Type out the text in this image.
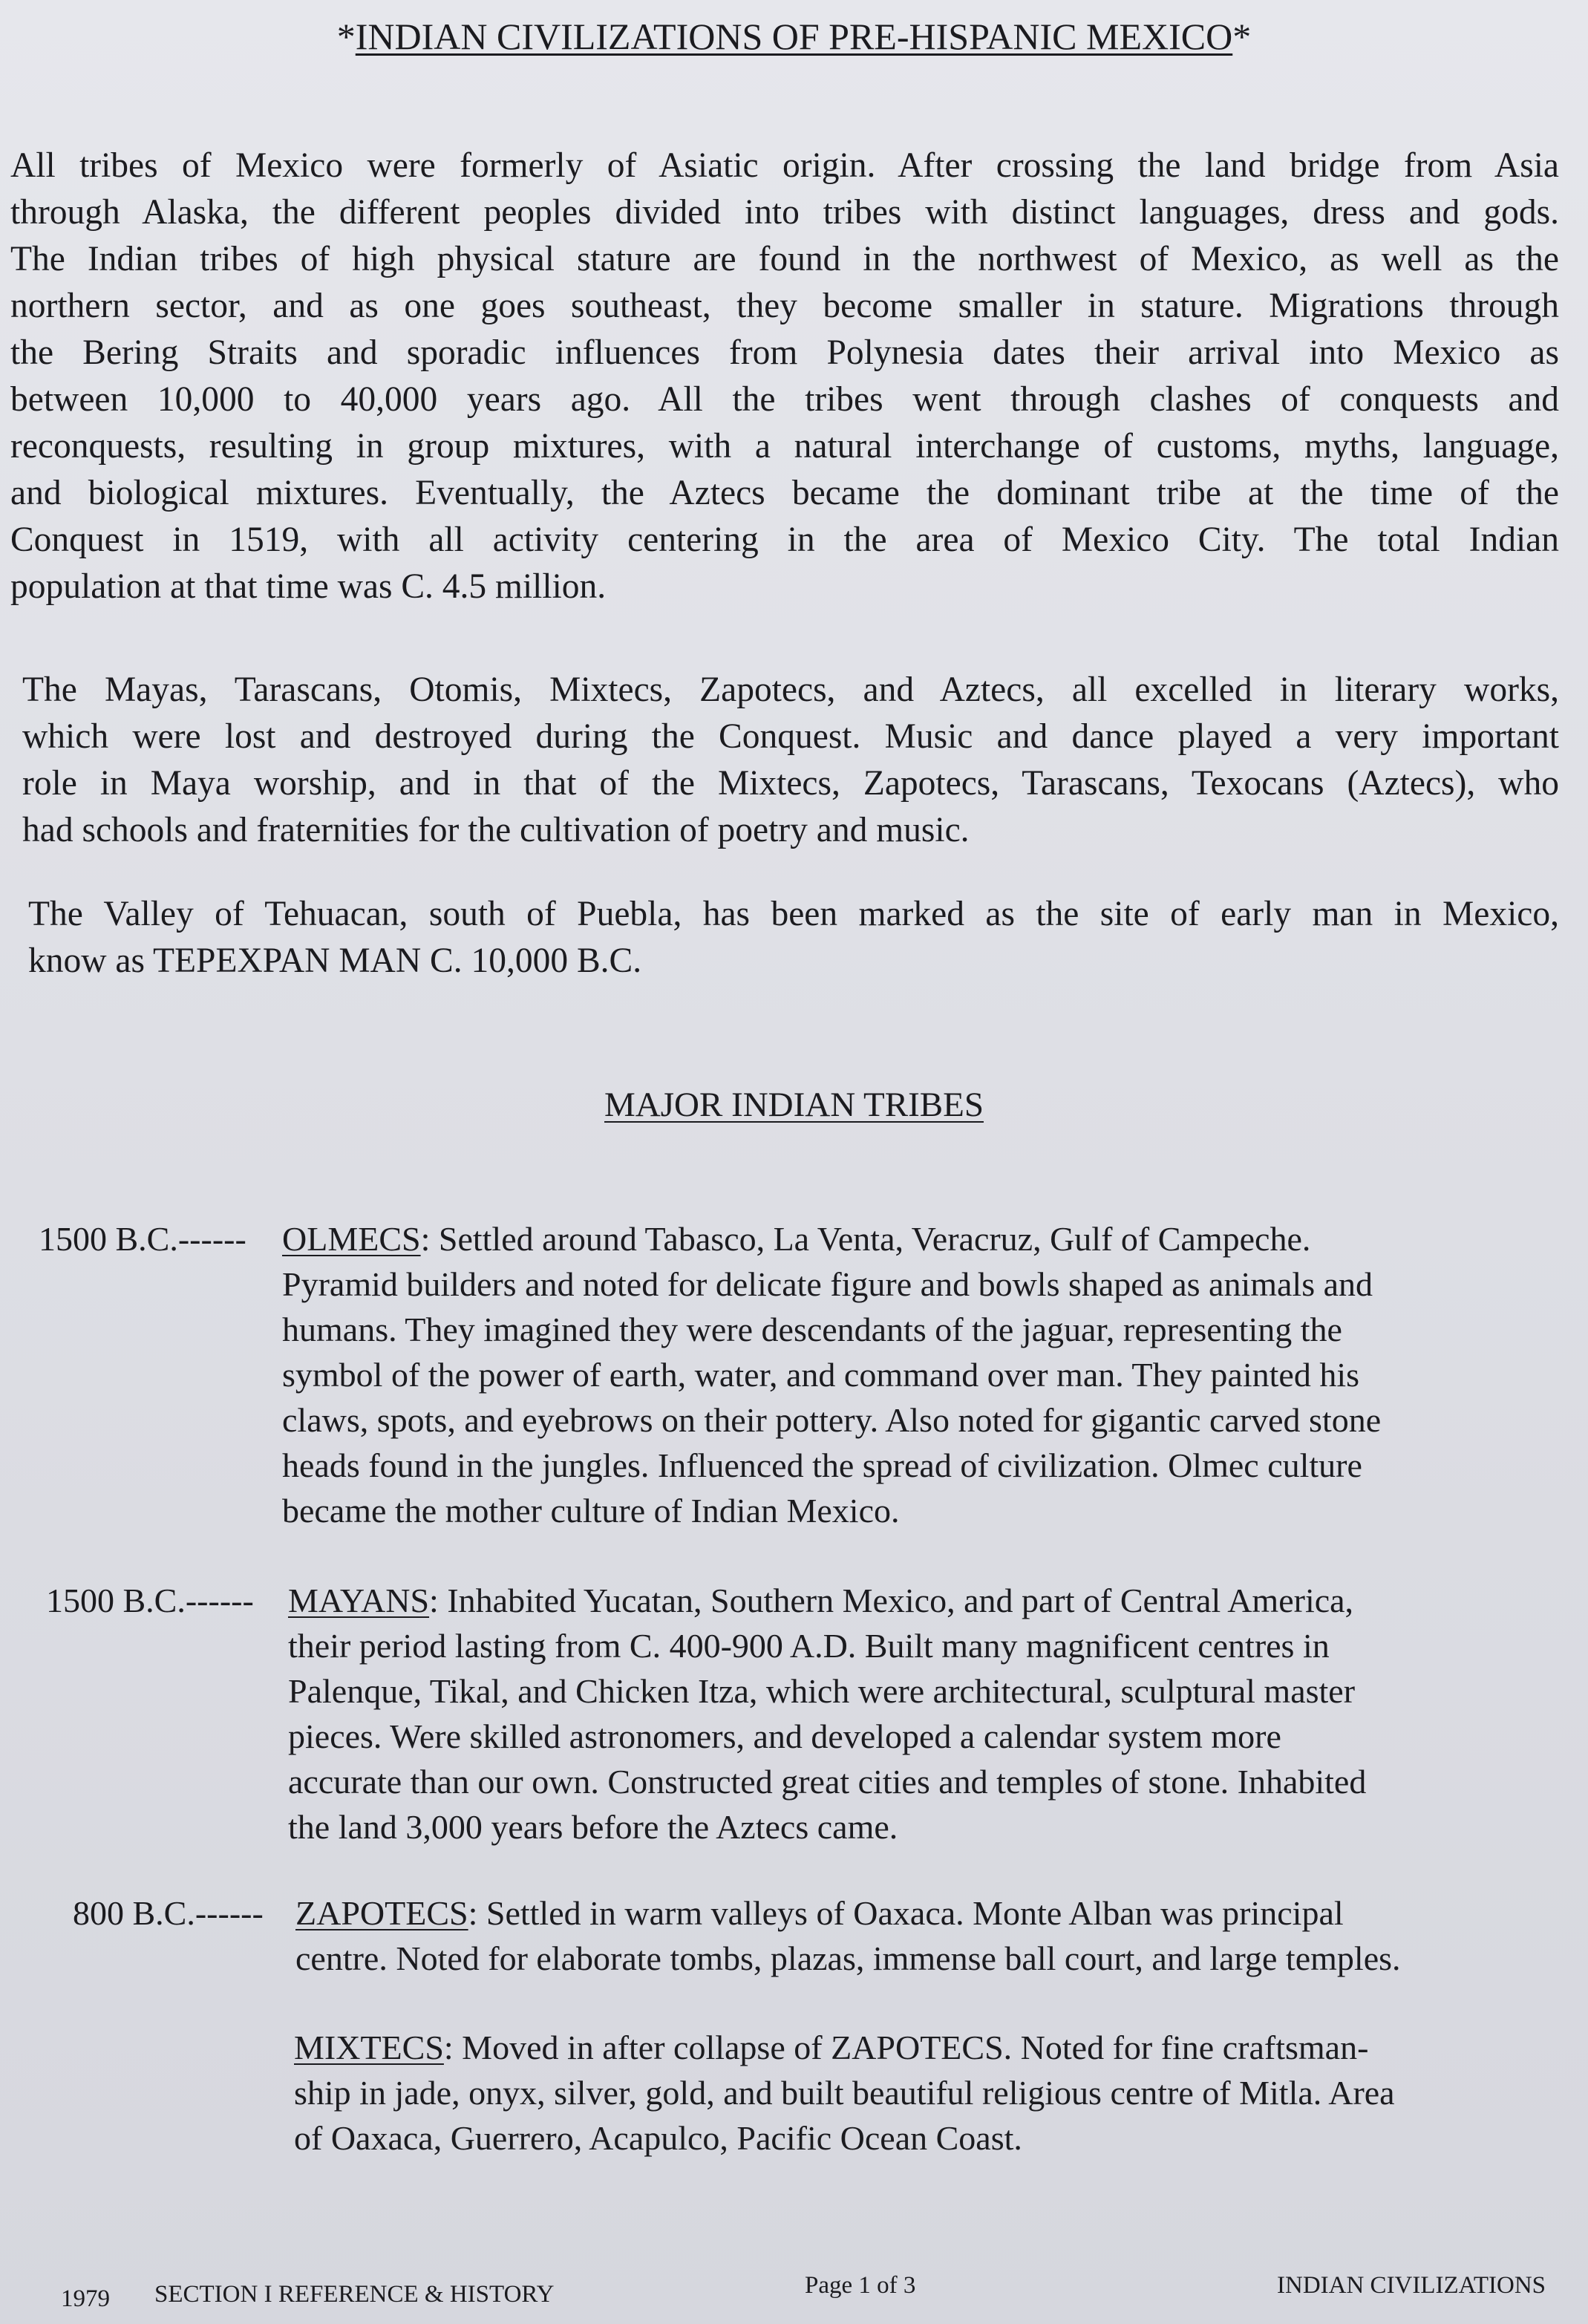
*INDIAN CIVILIZATIONS OF PRE-HISPANIC MEXICO*
All tribes of Mexico were formerly of Asiatic origin. After crossing the land bridge from Asia
through Alaska, the different peoples divided into tribes with distinct languages, dress and gods.
The Indian tribes of high physical stature are found in the northwest of Mexico, as well as the
northern sector, and as one goes southeast, they become smaller in stature. Migrations through
the Bering Straits and sporadic influences from Polynesia dates their arrival into Mexico as
between 10,000 to 40,000 years ago. All the tribes went through clashes of conquests and
reconquests, resulting in group mixtures, with a natural interchange of customs, myths, language,
and biological mixtures. Eventually, the Aztecs became the dominant tribe at the time of the
Conquest in 1519, with all activity centering in the area of Mexico City. The total Indian
population at that time was C. 4.5 million.
The Mayas, Tarascans, Otomis, Mixtecs, Zapotecs, and Aztecs, all excelled in literary works,
which were lost and destroyed during the Conquest. Music and dance played a very important
role in Maya worship, and in that of the Mixtecs, Zapotecs, Tarascans, Texocans (Aztecs), who
had schools and fraternities for the cultivation of poetry and music.
The Valley of Tehuacan, south of Puebla, has been marked as the site of early man in Mexico,
know as TEPEXPAN MAN C. 10,000 B.C.
MAJOR INDIAN TRIBES
1500 B.C.------ OLMECS: Settled around Tabasco, La Venta, Veracruz, Gulf of Campeche.
Pyramid builders and noted for delicate figure and bowls shaped as animals and
humans. They imagined they were descendants of the jaguar, representing the
symbol of the power of earth, water, and command over man. They painted his
claws, spots, and eyebrows on their pottery. Also noted for gigantic carved stone
heads found in the jungles. Influenced the spread of civilization. Olmec culture
became the mother culture of Indian Mexico.
1500 B.C.------ MAYANS: Inhabited Yucatan, Southern Mexico, and part of Central America,
their period lasting from C. 400-900 A.D. Built many magnificent centres in
Palenque, Tikal, and Chicken Itza, which were architectural, sculptural master
pieces. Were skilled astronomers, and developed a calendar system more
accurate than our own. Constructed great cities and temples of stone. Inhabited
the land 3,000 years before the Aztecs came.
800 B.C.------ ZAPOTECS: Settled in warm valleys of Oaxaca. Monte Alban was principal
centre. Noted for elaborate tombs, plazas, immense ball court, and large temples.
MIXTECS: Moved in after collapse of ZAPOTECS. Noted for fine craftsman-
ship in jade, onyx, silver, gold, and built beautiful religious centre of Mitla. Area
of Oaxaca, Guerrero, Acapulco, Pacific Ocean Coast.
1979 SECTION I REFERENCE & HISTORY	Page 1 of 3	INDIAN CIVILIZATIONS
